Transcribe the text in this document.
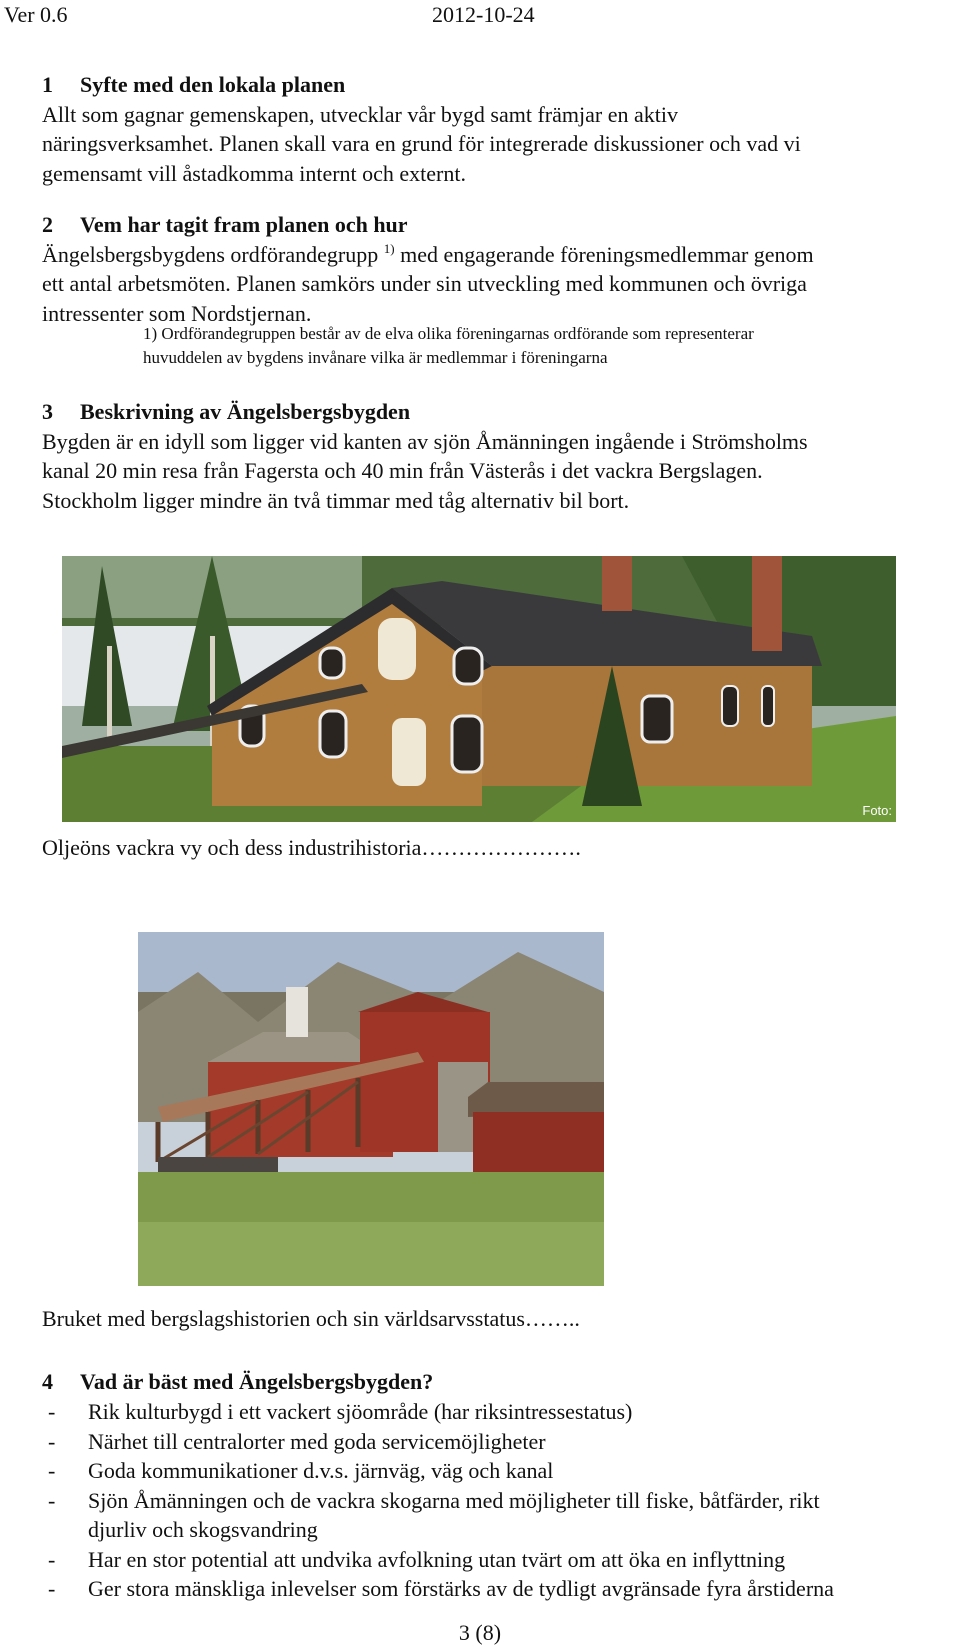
Ver 0.6	2012-10-24
1 Syfte med den lokala planen
Allt som gagnar gemenskapen, utvecklar vår bygd samt främjar en aktiv
näringsverksamhet. Planen skall vara en grund för integrerade diskussioner och vad vi
gemensamt vill åstadkomma internt och externt.
2 Vem har tagit fram planen och hur
Ängelsbergsbygdens ordförandegrupp $^{1)}$ med engagerande föreningsmedlemmar genom
ett antal arbetsmöten. Planen samkörs under sin utveckling med kommunen och övriga
intressenter som Nordstjernan.
1) Ordförandegruppen består av de elva olika föreningarnas ordförande som representerar
huvuddelen av bygdens invånare vilka är medlemmar i föreningarna
3 Beskrivning av Ängelsbergsbygden
Bygden är en idyll som ligger vid kanten av sjön Åmänningen ingående i Strömsholms
kanal 20 min resa från Fagersta och 40 min från Västerås i det vackra Bergslagen.
Stockholm ligger mindre än två timmar med tåg alternativ bil bort.
Foto:
Oljeöns vackra vy och dess industrihistoria………………….
Bruket med bergslagshistorien och sin världsarvsstatus……..
4 Vad är bäst med Ängelsbergsbygden?
-	Rik kulturbygd i ett vackert sjöområde (har riksintressestatus)
-	Närhet till centralorter med goda servicemöjligheter
-	Goda kommunikationer d.v.s. järnväg, väg och kanal
-	Sjön Åmänningen och de vackra skogarna med möjligheter till fiske, båtfärder, rikt
djurliv och skogsvandring
-	Har en stor potential att undvika avfolkning utan tvärt om att öka en inflyttning
-	Ger stora mänskliga inlevelser som förstärks av de tydligt avgränsade fyra årstiderna
3 (8)
